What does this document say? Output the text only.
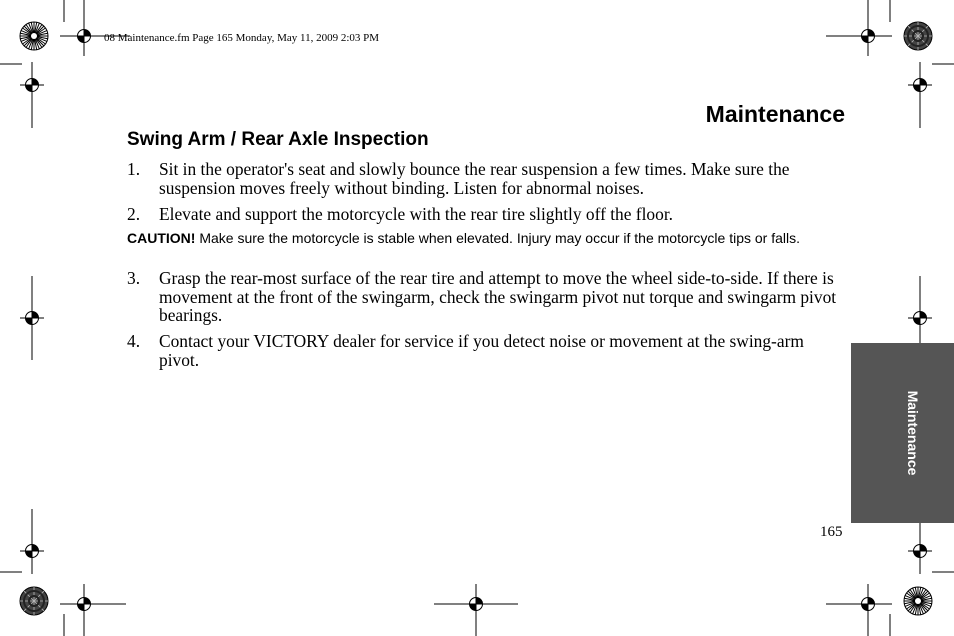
08 Maintenance.fm Page 165 Monday, May 11, 2009 2:03 PM
Maintenance
Swing Arm / Rear Axle Inspection
1. Sit in the operator's seat and slowly bounce the rear suspension a few times. Make sure the suspension moves freely without binding. Listen for abnormal noises.
2. Elevate and support the motorcycle with the rear tire slightly off the floor.
CAUTION! Make sure the motorcycle is stable when elevated. Injury may occur if the motorcycle tips or falls.
3. Grasp the rear-most surface of the rear tire and attempt to move the wheel side-to-side. If there is movement at the front of the swingarm, check the swingarm pivot nut torque and swingarm pivot bearings.
4. Contact your VICTORY dealer for service if you detect noise or movement at the swing-arm pivot.
Maintenance
165
